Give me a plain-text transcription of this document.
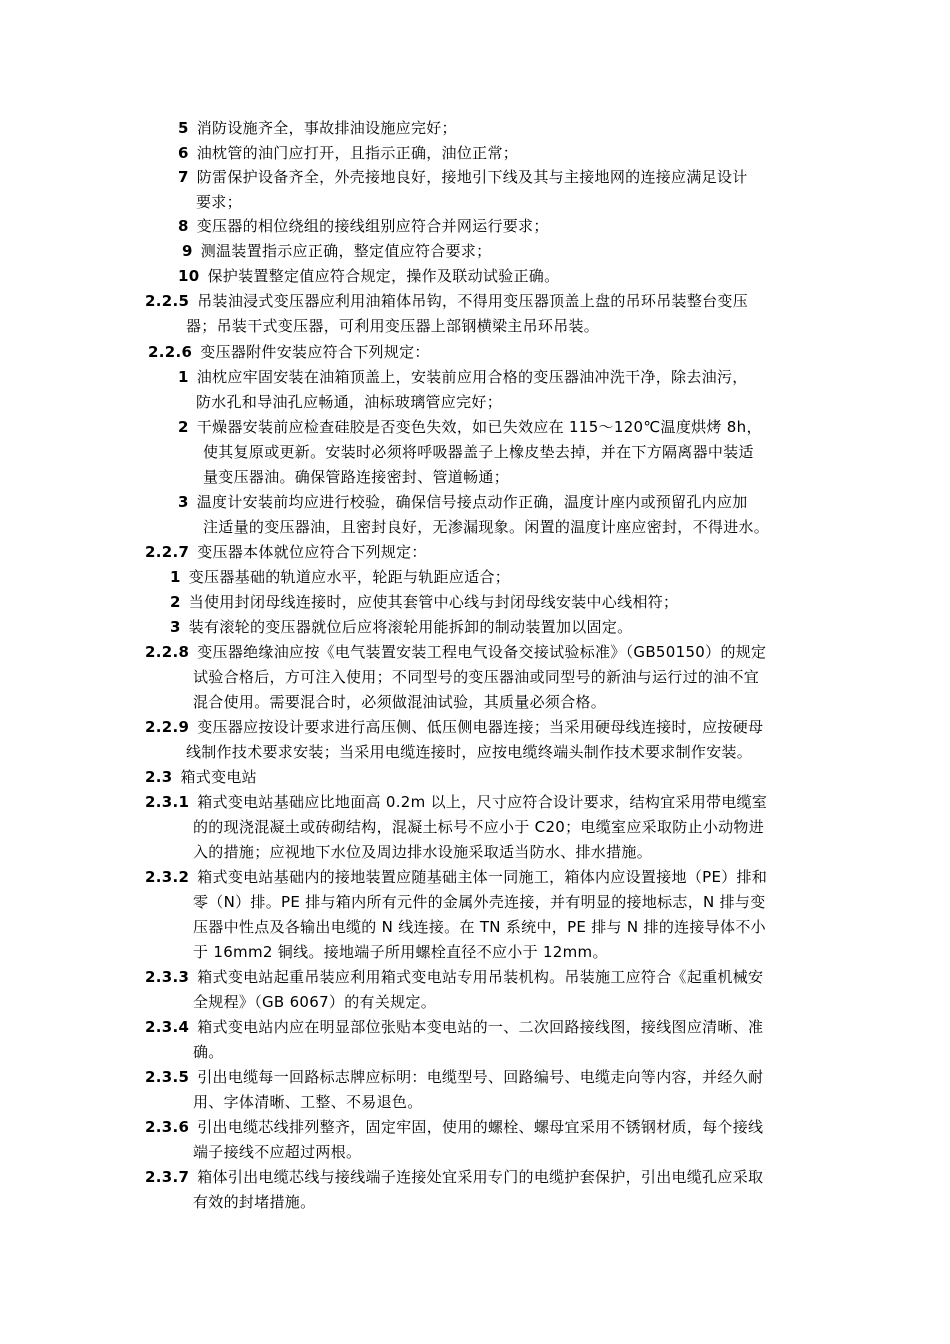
5 消防设施齐全，事故排油设施应完好；
6 油枕管的油门应打开，且指示正确，油位正常；
7 防雷保护设备齐全，外壳接地良好，接地引下线及其与主接地网的连接应满足设计
要求；
8 变压器的相位绕组的接线组别应符合并网运行要求；
9 测温装置指示应正确，整定值应符合要求；
10 保护装置整定值应符合规定，操作及联动试验正确。
2.2.5 吊装油浸式变压器应利用油箱体吊钩，不得用变压器顶盖上盘的吊环吊装整台变压
器；吊装干式变压器，可利用变压器上部钢横梁主吊环吊装。
2.2.6 变压器附件安装应符合下列规定：
1 油枕应牢固安装在油箱顶盖上，安装前应用合格的变压器油冲洗干净，除去油污，
防水孔和导油孔应畅通，油标玻璃管应完好；
2 干燥器安装前应检查硅胶是否变色失效，如已失效应在 115～120℃温度烘烤 8h，
使其复原或更新。安装时必须将呼吸器盖子上橡皮垫去掉，并在下方隔离器中装适
量变压器油。确保管路连接密封、管道畅通；
3 温度计安装前均应进行校验，确保信号接点动作正确，温度计座内或预留孔内应加
注适量的变压器油，且密封良好，无渗漏现象。闲置的温度计座应密封，不得进水。
2.2.7 变压器本体就位应符合下列规定：
1 变压器基础的轨道应水平，轮距与轨距应适合；
2 当使用封闭母线连接时，应使其套管中心线与封闭母线安装中心线相符；
3 装有滚轮的变压器就位后应将滚轮用能拆卸的制动装置加以固定。
2.2.8 变压器绝缘油应按《电气装置安装工程电气设备交接试验标准》（GB50150）的规定
试验合格后，方可注入使用；不同型号的变压器油或同型号的新油与运行过的油不宜
混合使用。需要混合时，必须做混油试验，其质量必须合格。
2.2.9 变压器应按设计要求进行高压侧、低压侧电器连接；当采用硬母线连接时，应按硬母
线制作技术要求安装；当采用电缆连接时，应按电缆终端头制作技术要求制作安装。
2.3 箱式变电站
2.3.1 箱式变电站基础应比地面高 0.2m 以上，尺寸应符合设计要求，结构宜采用带电缆室
的的现浇混凝土或砖砌结构，混凝土标号不应小于 C20；电缆室应采取防止小动物进
入的措施；应视地下水位及周边排水设施采取适当防水、排水措施。
2.3.2 箱式变电站基础内的接地装置应随基础主体一同施工，箱体内应设置接地（PE）排和
零（N）排。PE 排与箱内所有元件的金属外壳连接，并有明显的接地标志，N 排与变
压器中性点及各输出电缆的 N 线连接。在 TN 系统中，PE 排与 N 排的连接导体不小
于 16mm2 铜线。接地端子所用螺栓直径不应小于 12mm。
2.3.3 箱式变电站起重吊装应利用箱式变电站专用吊装机构。吊装施工应符合《起重机械安
全规程》（GB 6067）的有关规定。
2.3.4 箱式变电站内应在明显部位张贴本变电站的一、二次回路接线图，接线图应清晰、准
确。
2.3.5 引出电缆每一回路标志牌应标明：电缆型号、回路编号、电缆走向等内容，并经久耐
用、字体清晰、工整、不易退色。
2.3.6 引出电缆芯线排列整齐，固定牢固，使用的螺栓、螺母宜采用不锈钢材质，每个接线
端子接线不应超过两根。
2.3.7 箱体引出电缆芯线与接线端子连接处宜采用专门的电缆护套保护，引出电缆孔应采取
有效的封堵措施。
